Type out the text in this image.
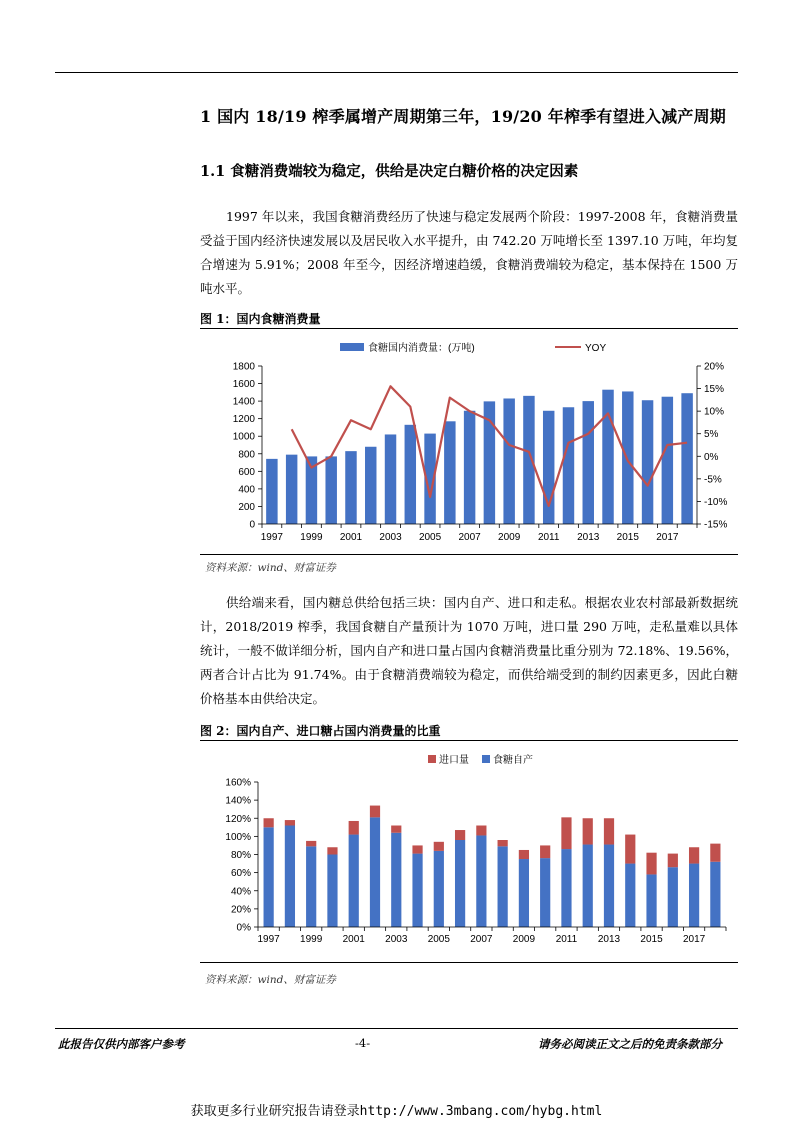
1 国内 18/19 榨季属增产周期第三年，19/20 年榨季有望进入减产周期
1.1 食糖消费端较为稳定，供给是决定白糖价格的决定因素
1997 年以来，我国食糖消费经历了快速与稳定发展两个阶段：1997-2008 年，食糖消费量受益于国内经济快速发展以及居民收入水平提升，由 742.20 万吨增长至 1397.10 万吨，年均复合增速为 5.91%；2008 年至今，因经济增速趋缓，食糖消费端较为稳定，基本保持在 1500 万吨水平。
图 1：国内食糖消费量
食糖国内消费量：(万吨)	YOY
0
200
400
600
800
1000
1200
1400
1600
1800
-15%
-10%
-5%
0%
5%
10%
15%
20%
1997 1999 2001 2003 2005 2007 2009 2011 2013 2015 2017
资料来源：wind、财富证券
供给端来看，国内糖总供给包括三块：国内自产、进口和走私。根据农业农村部最新数据统计，2018/2019 榨季，我国食糖自产量预计为 1070 万吨，进口量 290 万吨，走私量难以具体统计，一般不做详细分析，国内自产和进口量占国内食糖消费量比重分别为 72.18%、19.56%，两者合计占比为 91.74%。由于食糖消费端较为稳定，而供给端受到的制约因素更多，因此白糖价格基本由供给决定。
图 2：国内自产、进口糖占国内消费量的比重
进口量 食糖自产
0%
20%
40%
60%
80%
100%
120%
140%
160%
1997 1999 2001 2003 2005 2007 2009 2011 2013 2015 2017
资料来源：wind、财富证券
此报告仅供内部客户参考	-4-	请务必阅读正文之后的免责条款部分
获取更多行业研究报告请登录http://www.3mbang.com/hybg.html
